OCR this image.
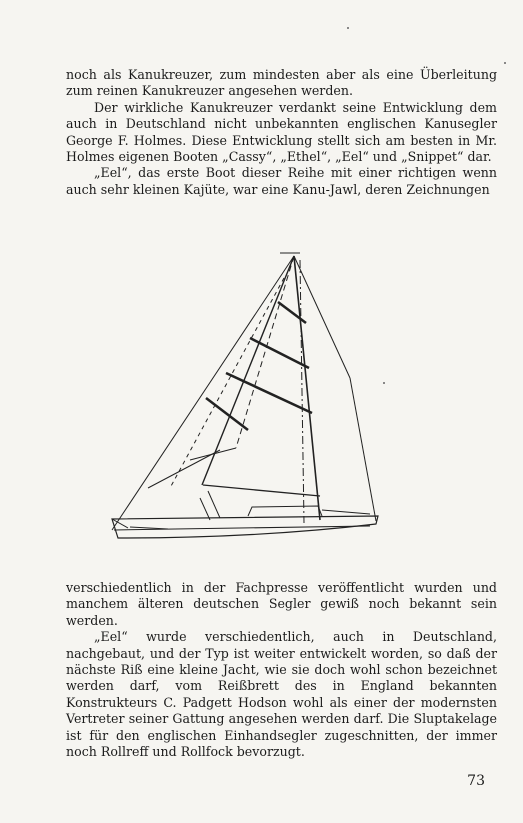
noch als Kanukreuzer, zum mindesten aber als eine Überleitung zum reinen Kanukreuzer angesehen werden.

Der wirkliche Kanukreuzer verdankt seine Entwicklung dem auch in Deutschland nicht unbekannten englischen Kanusegler George F. Holmes. Diese Entwicklung stellt sich am besten in Mr. Holmes eigenen Booten „Cassy“, „Ethel“, „Eel“ und „Snippet“ dar.

„Eel“, das erste Boot dieser Reihe mit einer richtigen wenn auch sehr kleinen Kajüte, war eine Kanu-Jawl, deren Zeichnungen

verschiedentlich in der Fachpresse veröffentlicht wurden und manchem älteren deutschen Segler gewiß noch bekannt sein werden.

„Eel“ wurde verschiedentlich, auch in Deutschland, nachgebaut, und der Typ ist weiter entwickelt worden, so daß der nächste Riß eine kleine Jacht, wie sie doch wohl schon bezeichnet werden darf, vom Reißbrett des in England bekannten Konstrukteurs C. Padgett Hodson wohl als einer der modernsten Vertreter seiner Gattung angesehen werden darf. Die Sluptakelage ist für den englischen Einhandsegler zugeschnitten, der immer noch Rollreff und Rollfock bevorzugt.

73
